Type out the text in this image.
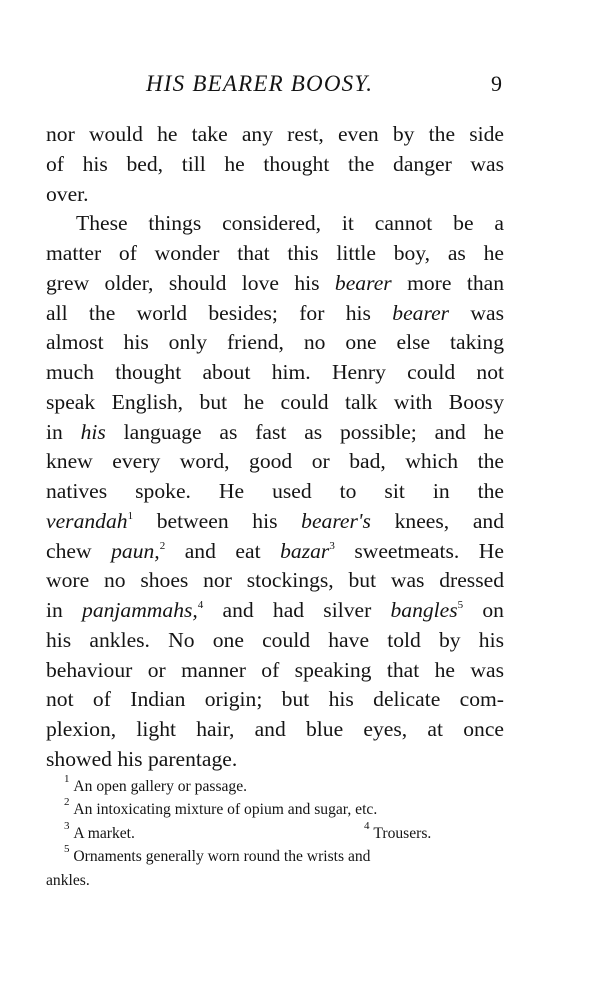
HIS BEARER BOOSY.	9
nor would he take any rest, even by the side
of his bed, till he thought the danger was
over.
These things considered, it cannot be a
matter of wonder that this little boy, as he
grew older, should love his bearer more than
all the world besides; for his bearer was
almost his only friend, no one else taking
much thought about him. Henry could not
speak English, but he could talk with Boosy
in his language as fast as possible; and he
knew every word, good or bad, which the
natives spoke. He used to sit in the
verandah$^1$ between his bearer's knees, and
chew paun,$^2$ and eat bazar$^3$ sweetmeats. He
wore no shoes nor stockings, but was dressed
in panjammahs,$^4$ and had silver bangles$^5$ on
his ankles. No one could have told by his
behaviour or manner of speaking that he was
not of Indian origin; but his delicate com-
plexion, light hair, and blue eyes, at once
showed his parentage.
$^1$ An open gallery or passage.
$^2$ An intoxicating mixture of opium and sugar, etc.
$^3$ A market.	$^4$ Trousers.
$^5$ Ornaments generally worn round the wrists and
ankles.
